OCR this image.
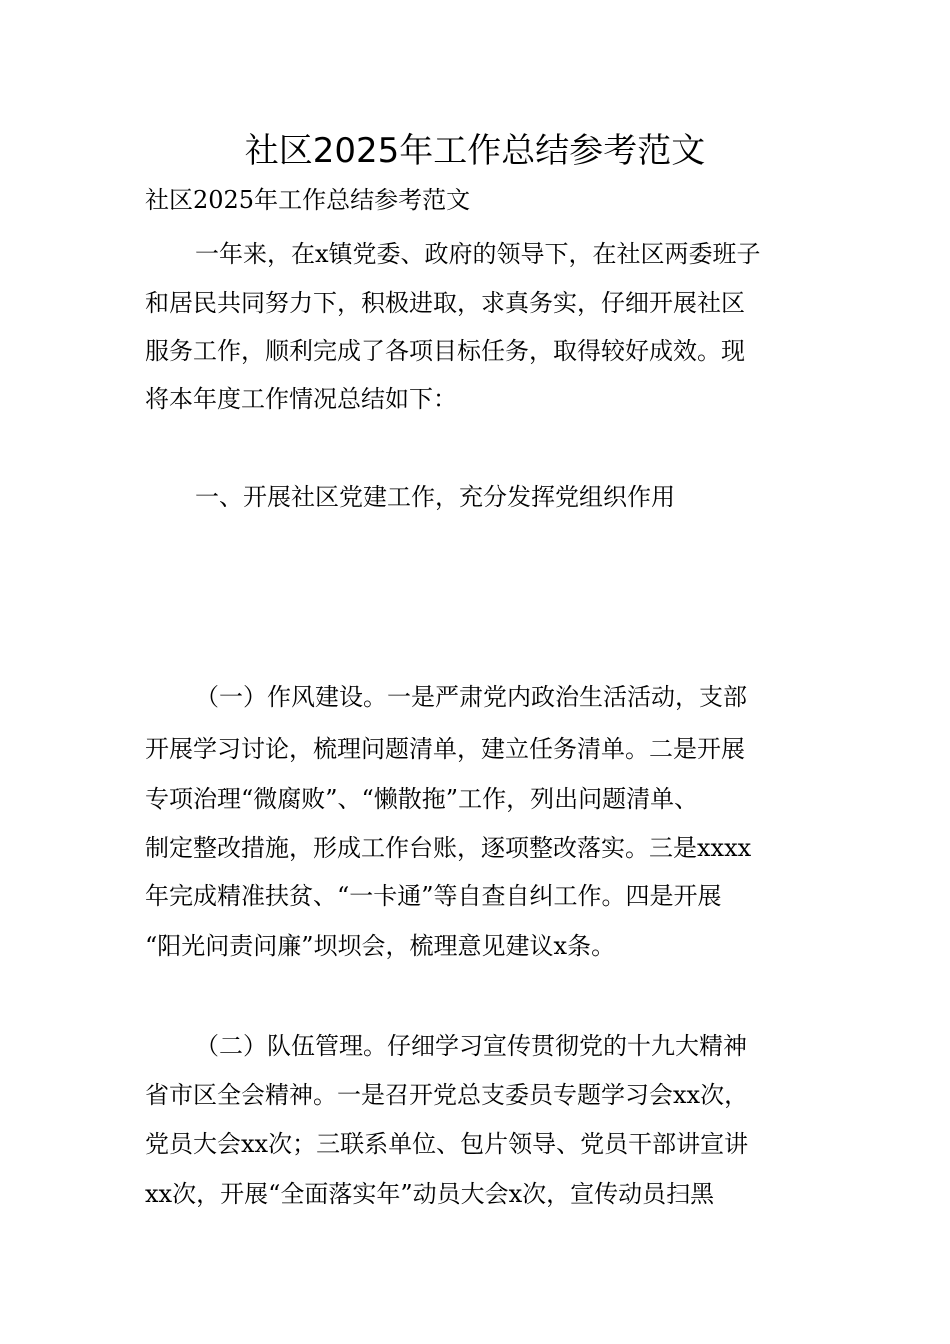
社区2025年工作总结参考范文
社区2025年工作总结参考范文
一年来，在x镇党委、政府的领导下，在社区两委班子
和居民共同努力下，积极进取，求真务实，仔细开展社区
服务工作，顺利完成了各项目标任务，取得较好成效。现
将本年度工作情况总结如下：
一、开展社区党建工作，充分发挥党组织作用
（一）作风建设。一是严肃党内政治生活活动，支部
开展学习讨论，梳理问题清单，建立任务清单。二是开展
专项治理“微腐败”、“懒散拖”工作，列出问题清单、
制定整改措施，形成工作台账，逐项整改落实。三是xxxx
年完成精准扶贫、“一卡通”等自查自纠工作。四是开展
“阳光问责问廉”坝坝会，梳理意见建议x条。
（二）队伍管理。仔细学习宣传贯彻党的十九大精神
省市区全会精神。一是召开党总支委员专题学习会xx次，
党员大会xx次；三联系单位、包片领导、党员干部讲宣讲
xx次，开展“全面落实年”动员大会x次，宣传动员扫黑
